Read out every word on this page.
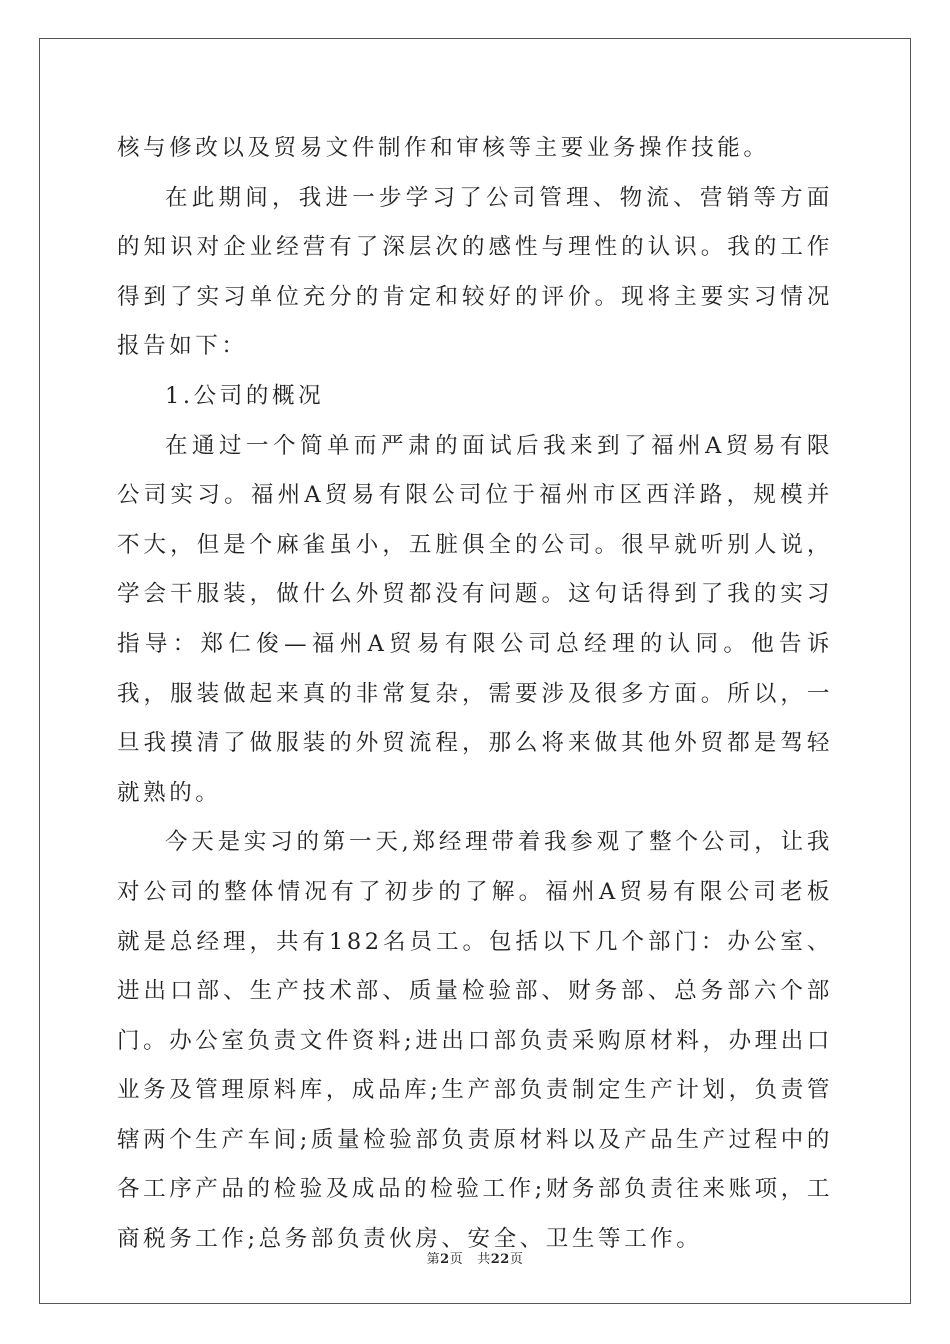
核与修改以及贸易文件制作和审核等主要业务操作技能。

在此期间，我进一步学习了公司管理、物流、营销等方面的知识对企业经营有了深层次的感性与理性的认识。我的工作得到了实习单位充分的肯定和较好的评价。现将主要实习情况报告如下：

1.公司的概况

在通过一个简单而严肃的面试后我来到了福州A贸易有限公司实习。福州A贸易有限公司位于福州市区西洋路，规模并不大，但是个麻雀虽小，五脏俱全的公司。很早就听别人说，学会干服装，做什么外贸都没有问题。这句话得到了我的实习指导：郑仁俊—福州A贸易有限公司总经理的认同。他告诉我，服装做起来真的非常复杂，需要涉及很多方面。所以，一旦我摸清了做服装的外贸流程，那么将来做其他外贸都是驾轻就熟的。

今天是实习的第一天,郑经理带着我参观了整个公司，让我对公司的整体情况有了初步的了解。福州A贸易有限公司老板就是总经理，共有182名员工。包括以下几个部门：办公室、进出口部、生产技术部、质量检验部、财务部、总务部六个部门。办公室负责文件资料;进出口部负责采购原材料，办理出口业务及管理原料库，成品库;生产部负责制定生产计划，负责管辖两个生产车间;质量检验部负责原材料以及产品生产过程中的各工序产品的检验及成品的检验工作;财务部负责往来账项，工商税务工作;总务部负责伙房、安全、卫生等工作。

第2页 共22页
